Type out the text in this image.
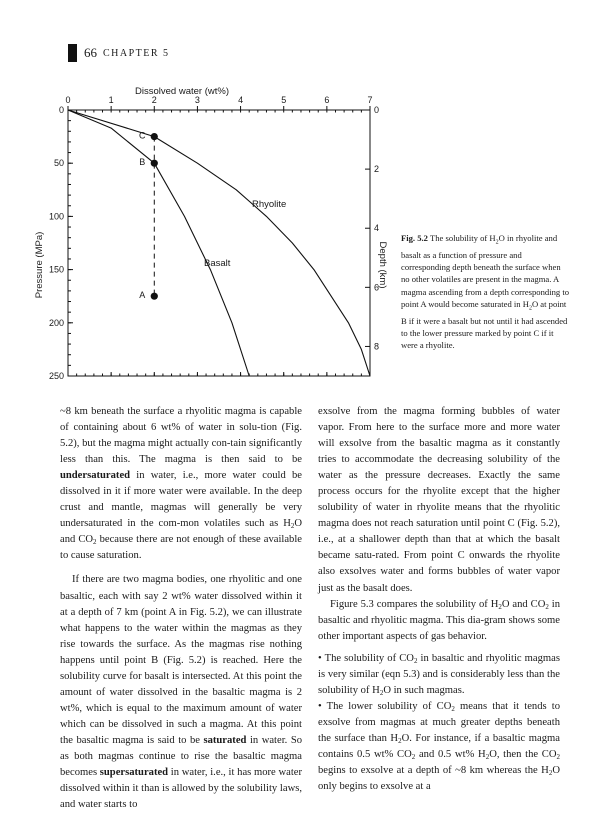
66 CHAPTER 5
Dissolved water (wt%)
Pressure (MPa)	Depth (km)
0	1	2	3	4	5	6	7
0
50
100
150
200
250
0
2
4
6
8
C
B
A
Rhyolite
Basalt
Fig. 5.2 The solubility of $H_2O$ in rhyolite and basalt as a function of pressure and corresponding depth beneath the surface when no other volatiles are present in the magma. A magma ascending from a depth corresponding to point A would become saturated in $H_2O$ at point B if it were a basalt but not until it had ascended to the lower pressure marked by point C if it were a rhyolite.

~8 km beneath the surface a rhyolitic magma is capable of containing about 6 wt% of water in solu-tion (Fig. 5.2), but the magma might actually con-tain significantly less than this. The magma is then said to be undersaturated in water, i.e., more water could be dissolved in it if more water were available. In the deep crust and mantle, magmas will generally be very undersaturated in the com-mon volatiles such as $H_2O$ and $CO_2$ because there are not enough of these available to cause saturation.

If there are two magma bodies, one rhyolitic and one basaltic, each with say 2 wt% water dissolved within it at a depth of 7 km (point A in Fig. 5.2), we can illustrate what happens to the water within the magmas as they rise towards the surface. As the magmas rise nothing happens until point B (Fig. 5.2) is reached. Here the solubility curve for basalt is intersected. At this point the amount of water dissolved in the basaltic magma is 2 wt%, which is equal to the maximum amount of water which can be dissolved in such a magma. At this point the basaltic magma is said to be saturated in water. So as both magmas continue to rise the basaltic magma becomes supersaturated in water, i.e., it has more water dissolved within it than is allowed by the solubility laws, and water starts to

exsolve from the magma forming bubbles of water vapor. From here to the surface more and more water will exsolve from the basaltic magma as it constantly tries to accommodate the decreasing solubility of the water as the pressure decreases. Exactly the same process occurs for the rhyolite except that the higher solubility of water in rhyolite means that the rhyolitic magma does not reach saturation until point C (Fig. 5.2), i.e., at a shallower depth than that at which the basalt became satu-rated. From point C onwards the rhyolite also exsolves water and forms bubbles of water vapor just as the basalt does.

Figure 5.3 compares the solubility of $H_2O$ and $CO_2$ in basaltic and rhyolitic magma. This dia-gram shows some other important aspects of gas behavior.

• The solubility of $CO_2$ in basaltic and rhyolitic magmas is very similar (eqn 5.3) and is considerably less than the solubility of $H_2O$ in such magmas.

• The lower solubility of $CO_2$ means that it tends to exsolve from magmas at much greater depths beneath the surface than $H_2O$. For instance, if a basaltic magma contains 0.5 wt% $CO_2$ and 0.5 wt% $H_2O$, then the $CO_2$ begins to exsolve at a depth of ~8 km whereas the $H_2O$ only begins to exsolve at a
